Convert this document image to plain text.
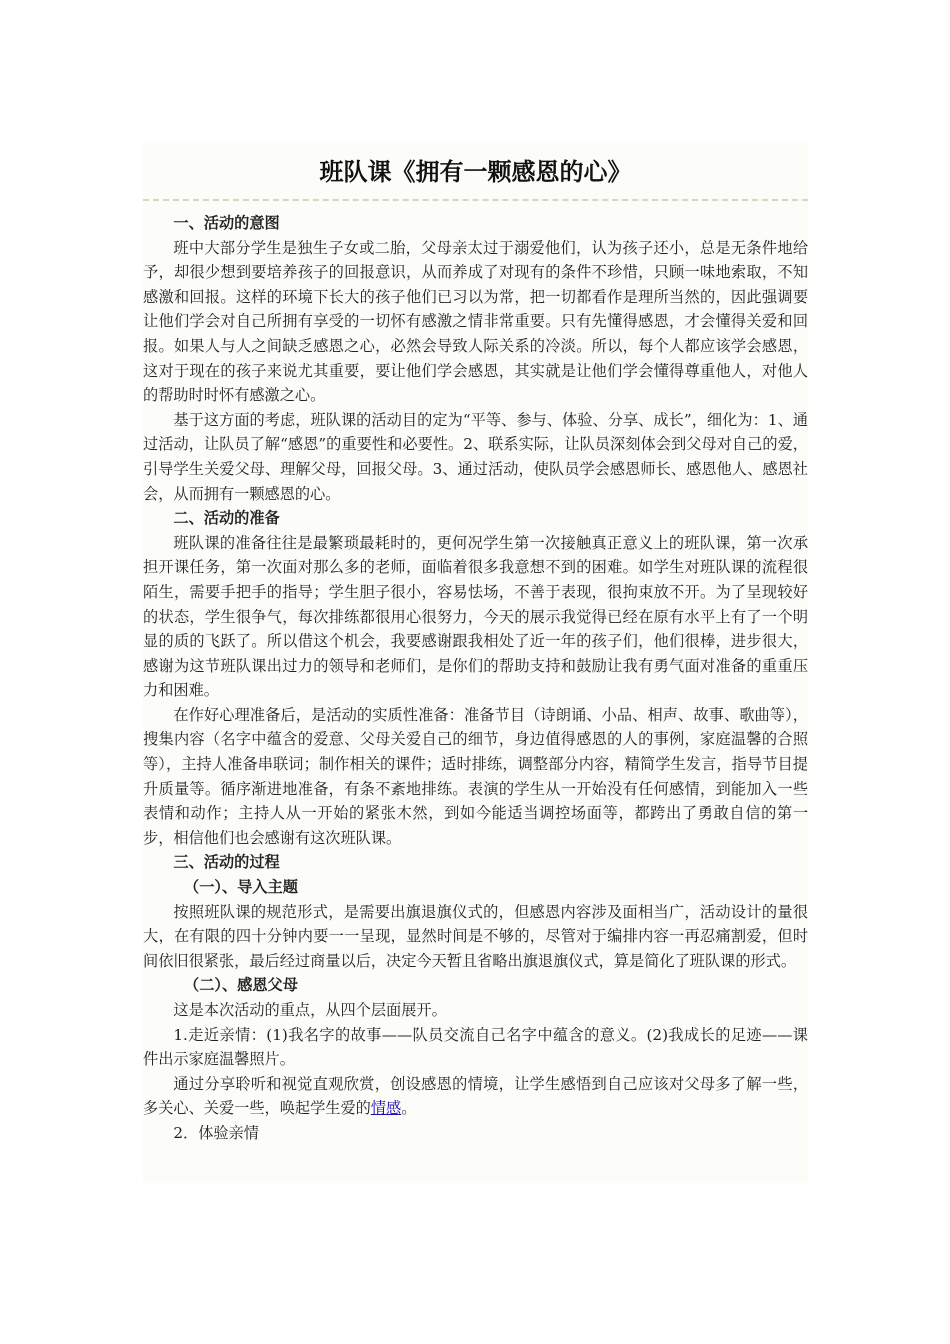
班队课《拥有一颗感恩的心》

一、活动的意图

班中大部分学生是独生子女或二胎，父母亲太过于溺爱他们，认为孩子还小，总是无条件地给予，却很少想到要培养孩子的回报意识，从而养成了对现有的条件不珍惜，只顾一味地索取，不知感激和回报。这样的环境下长大的孩子他们已习以为常，把一切都看作是理所当然的，因此强调要让他们学会对自己所拥有享受的一切怀有感激之情非常重要。只有先懂得感恩，才会懂得关爱和回报。如果人与人之间缺乏感恩之心，必然会导致人际关系的冷淡。所以，每个人都应该学会感恩，这对于现在的孩子来说尤其重要，要让他们学会感恩，其实就是让他们学会懂得尊重他人，对他人的帮助时时怀有感激之心。

基于这方面的考虑，班队课的活动目的定为“平等、参与、体验、分享、成长”，细化为：1、通过活动，让队员了解“感恩”的重要性和必要性。2、联系实际，让队员深刻体会到父母对自己的爱，引导学生关爱父母、理解父母，回报父母。3、通过活动，使队员学会感恩师长、感恩他人、感恩社会，从而拥有一颗感恩的心。

二、活动的准备

班队课的准备往往是最繁琐最耗时的，更何况学生第一次接触真正意义上的班队课，第一次承担开课任务，第一次面对那么多的老师，面临着很多我意想不到的困难。如学生对班队课的流程很陌生，需要手把手的指导；学生胆子很小，容易怯场，不善于表现，很拘束放不开。为了呈现较好的状态，学生很争气，每次排练都很用心很努力，今天的展示我觉得已经在原有水平上有了一个明显的质的飞跃了。所以借这个机会，我要感谢跟我相处了近一年的孩子们，他们很棒，进步很大，感谢为这节班队课出过力的领导和老师们，是你们的帮助支持和鼓励让我有勇气面对准备的重重压力和困难。

在作好心理准备后，是活动的实质性准备：准备节目（诗朗诵、小品、相声、故事、歌曲等），搜集内容（名字中蕴含的爱意、父母关爱自己的细节，身边值得感恩的人的事例，家庭温馨的合照等），主持人准备串联词；制作相关的课件；适时排练，调整部分内容，精简学生发言，指导节目提升质量等。循序渐进地准备，有条不紊地排练。表演的学生从一开始没有任何感情，到能加入一些表情和动作；主持人从一开始的紧张木然，到如今能适当调控场面等，都跨出了勇敢自信的第一步，相信他们也会感谢有这次班队课。

三、活动的过程

（一）、导入主题

按照班队课的规范形式，是需要出旗退旗仪式的，但感恩内容涉及面相当广，活动设计的量很大，在有限的四十分钟内要一一呈现，显然时间是不够的，尽管对于编排内容一再忍痛割爱，但时间依旧很紧张，最后经过商量以后，决定今天暂且省略出旗退旗仪式，算是简化了班队课的形式。

（二）、感恩父母

这是本次活动的重点，从四个层面展开。

1.走近亲情：(1)我名字的故事——队员交流自己名字中蕴含的意义。(2)我成长的足迹——课件出示家庭温馨照片。

通过分享聆听和视觉直观欣赏，创设感恩的情境，让学生感悟到自己应该对父母多了解一些，多关心、关爱一些，唤起学生爱的情感。

2．体验亲情
